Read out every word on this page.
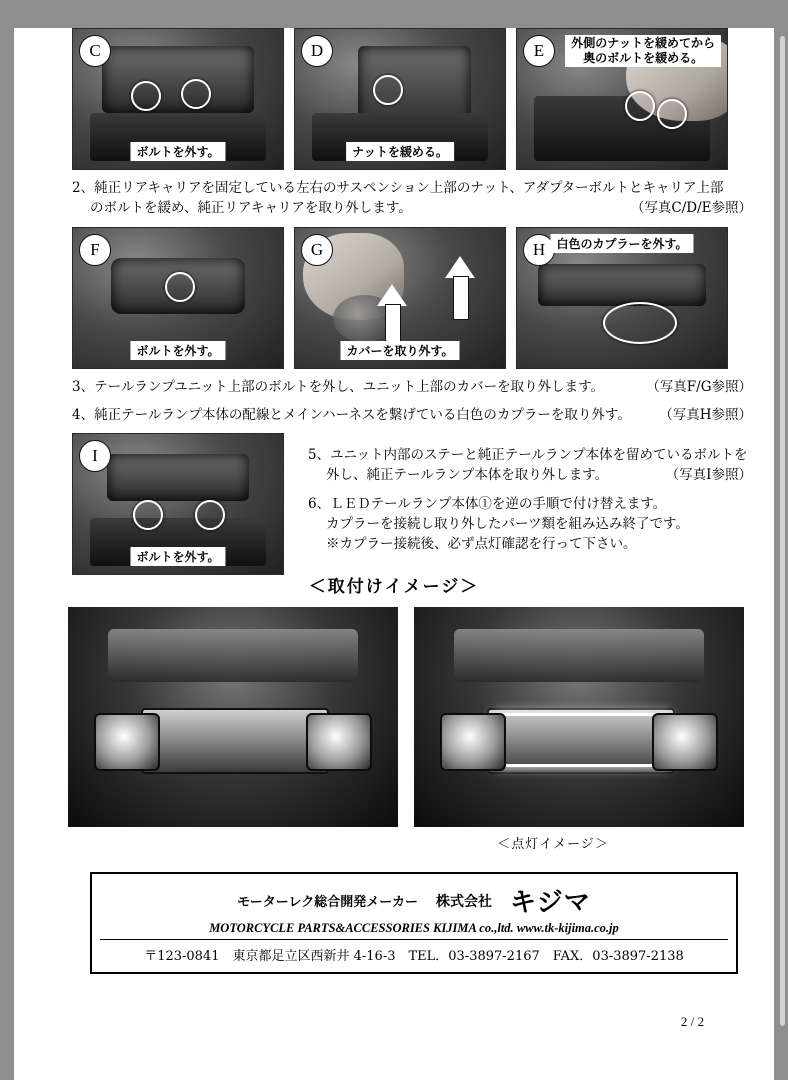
C
ボルトを外す。
D
ナットを緩める。
E	外側のナットを緩めてから
奥のボルトを緩める。
2、純正リアキャリアを固定している左右のサスペンション上部のナット、アダプターボルトとキャリア上部
のボルトを緩め、純正リアキャリアを取り外します。	（写真C/D/E参照）
F
ボルトを外す。
G
カバーを取り外す。
H 白色のカプラーを外す。
3、テールランプユニット上部のボルトを外し、ユニット上部のカバーを取り外します。	（写真F/G参照）
4、純正テールランプ本体の配線とメインハーネスを繋げている白色のカプラーを取り外す。 （写真H参照）
I
ボルトを外す。
5、ユニット内部のステーと純正テールランプ本体を留めているボルトを
外し、純正テールランプ本体を取り外します。	（写真Ⅰ参照）
6、ＬＥＤテールランプ本体①を逆の手順で付け替えます。
カプラーを接続し取り外したパーツ類を組み込み終了です。
※カプラー接続後、必ず点灯確認を行って下さい。
＜取付けイメージ＞
＜点灯イメージ＞
モーターレク総合開発メーカー 株式会社 キジマ
MOTORCYCLE PARTS&ACCESSORIES KIJIMA co.,ltd. www.tk-kijima.co.jp
〒123-0841　東京都足立区西新井 4-16-3　TEL．03-3897-2167　FAX．03-3897-2138
2 / 2
